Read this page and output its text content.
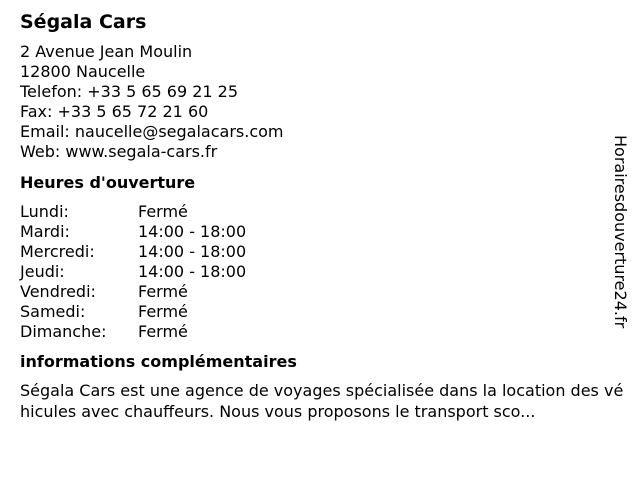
Ségala Cars
2 Avenue Jean Moulin
12800 Naucelle
Telefon: +33 5 65 69 21 25
Fax: +33 5 65 72 21 60
Email: naucelle@segalacars.com
Web: www.segala-cars.fr
Heures d'ouverture
Lundi:	Fermé
Mardi:	14:00 - 18:00
Mercredi:	14:00 - 18:00
Jeudi:	14:00 - 18:00
Vendredi:	Fermé
Samedi:	Fermé
Dimanche:	Fermé
informations complémentaires

Ségala Cars est une agence de voyages spécialisée dans la location des véhicules avec chauffeurs. Nous vous proposons le transport sco...

Horairesdouverture24.fr
